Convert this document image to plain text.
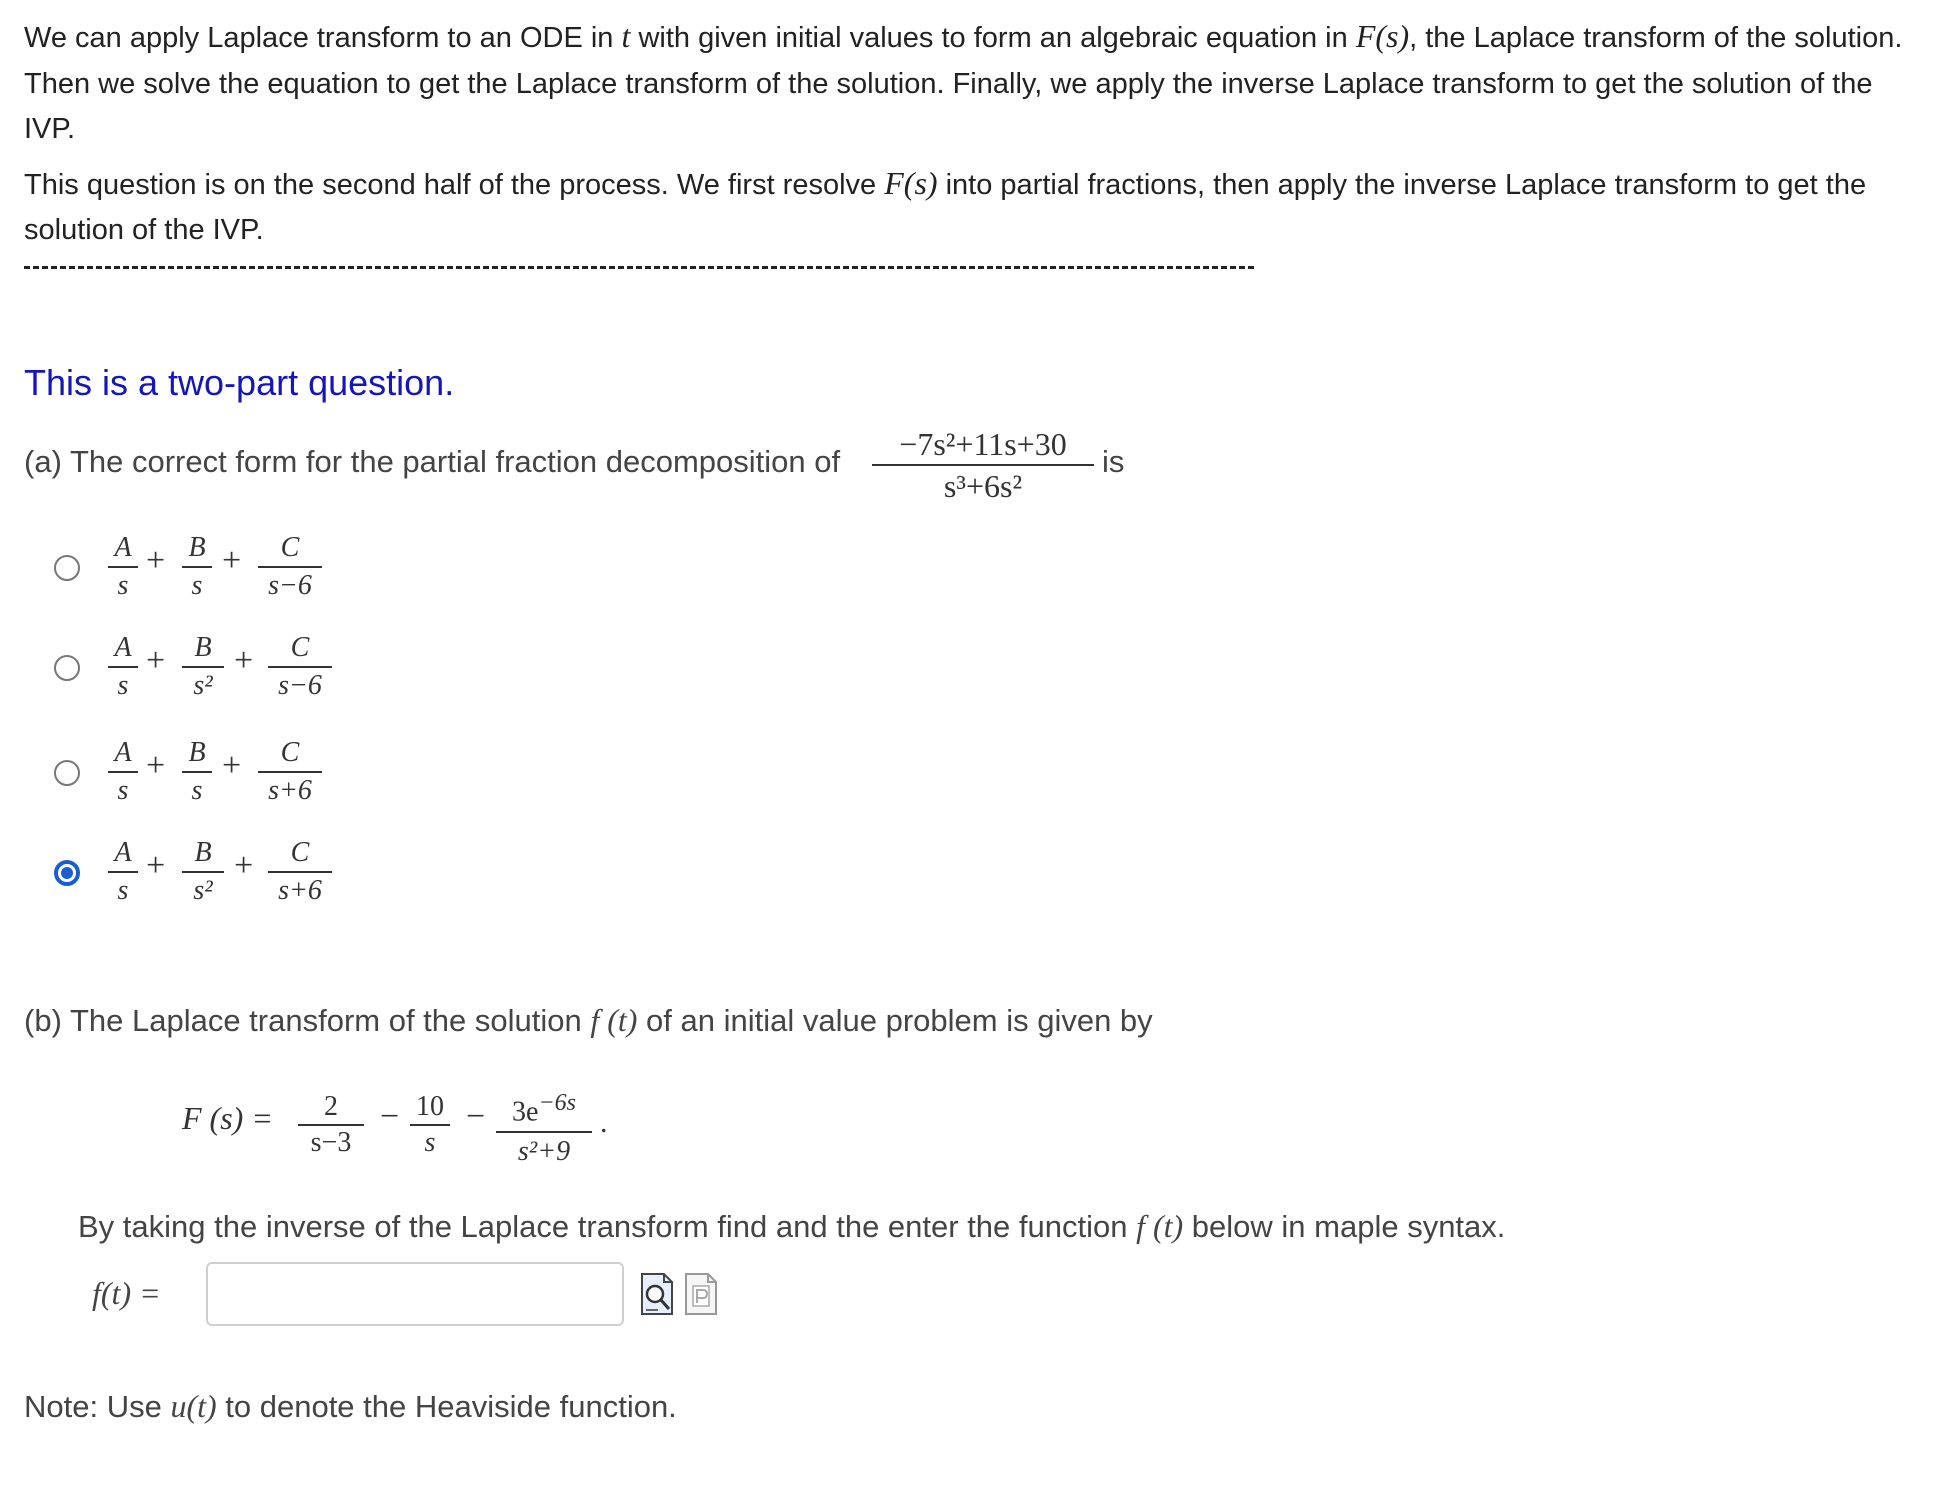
We can apply Laplace transform to an ODE in t with given initial values to form an algebraic equation in F(s), the Laplace transform of the solution. Then we solve the equation to get the Laplace transform of the solution. Finally, we apply the inverse Laplace transform to get the solution of the IVP.

This question is on the second half of the process. We first resolve F(s) into partial fractions, then apply the inverse Laplace transform to get the solution of the IVP.

This is a two-part question.
(a) The correct form for the partial fraction decomposition of	−7s²+11s+30
s³+6s²
is
A
s
+ B
s
+	C
s−6
A
s
+	B
s²
+	C
s−6
A
s
+ B
s
+	C
s+6
A
s
+	B
s²
+	C
s+6
(b) The Laplace transform of the solution f (t) of an initial value problem is given by
F (s) =	2
s−3
− 10
s
− $3e^{-6s}$
s²+9
.
By taking the inverse of the Laplace transform find and the enter the function f (t) below in maple syntax.
f(t) =
Note: Use u(t) to denote the Heaviside function.
